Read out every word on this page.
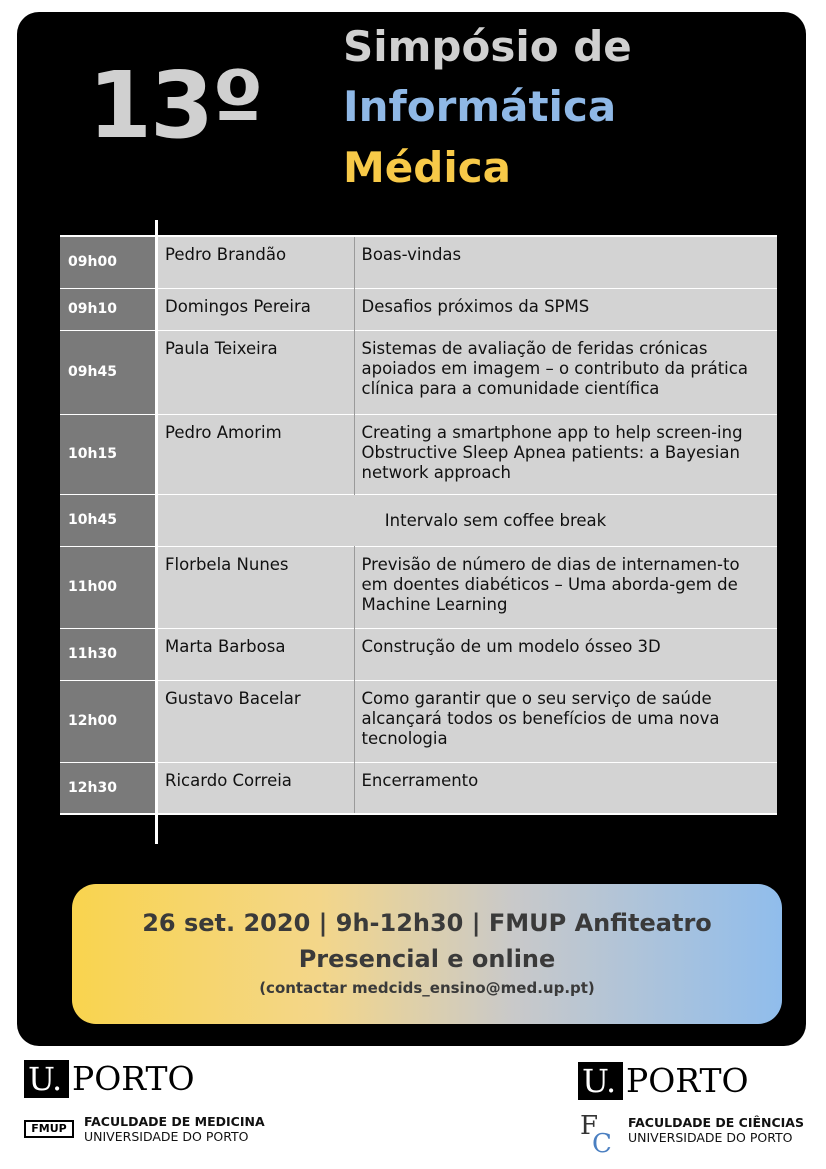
13º
Simpósio de
Informática
Médica
09h00	Pedro Brandão	Boas-vindas
09h10	Domingos Pereira	Desafios próximos da SPMS
09h45	Paula Teixeira	Sistemas de avaliação de feridas crónicas apoiados em imagem – o contributo da prática clínica para a comunidade científica
10h15	Pedro Amorim	Creating a smartphone app to help screen-ing Obstructive Sleep Apnea patients: a Bayesian network approach
10h45	Intervalo sem coffee break	
11h00	Florbela Nunes	Previsão de número de dias de internamen-to em doentes diabéticos – Uma aborda-gem de Machine Learning
11h30	Marta Barbosa	Construção de um modelo ósseo 3D
12h00	Gustavo Bacelar	Como garantir que o seu serviço de saúde alcançará todos os benefícios de uma nova tecnologia
12h30	Ricardo Correia	Encerramento
26 set. 2020 | 9h-12h30 | FMUP Anfiteatro
Presencial e online
(contactar medcids_ensino@med.up.pt)
U. PORTO
FMUP	FACULDADE DE MEDICINA
UNIVERSIDADE DO PORTO
U. PORTO
F
C
FACULDADE DE CIÊNCIAS
UNIVERSIDADE DO PORTO
